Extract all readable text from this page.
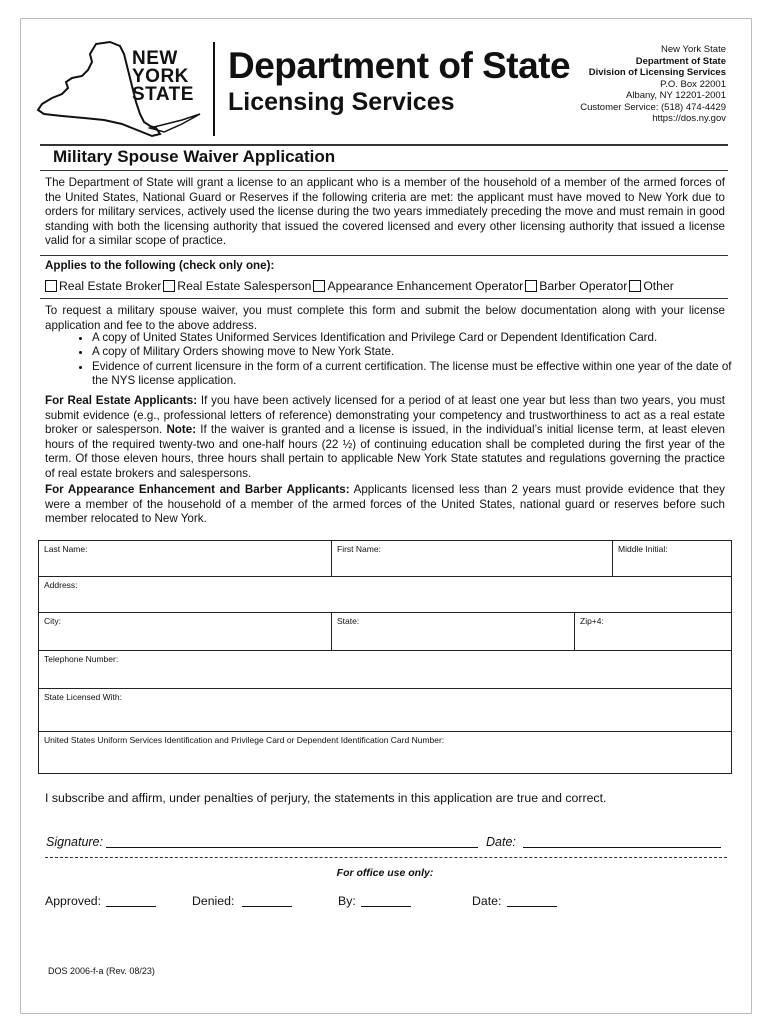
NEW
YORK
STATE
Department of State
Licensing Services
New York State
Department of State
Division of Licensing Services
P.O. Box 22001
Albany, NY 12201-2001
Customer Service: (518) 474-4429
https://dos.ny.gov
Military Spouse Waiver Application
The Department of State will grant a license to an applicant who is a member of the household of a member of the armed forces of the United States, National Guard or Reserves if the following criteria are met: the applicant must have moved to New York due to orders for military services, actively used the license during the two years immediately preceding the move and must remain in good standing with both the licensing authority that issued the covered licensed and every other licensing authority that issued a license valid for a similar scope of practice.
Applies to the following (check only one):
Real Estate Broker Real Estate Salesperson Appearance Enhancement Operator Barber Operator Other
To request a military spouse waiver, you must complete this form and submit the below documentation along with your license application and fee to the above address.
• A copy of United States Uniformed Services Identification and Privilege Card or Dependent Identification Card.
• A copy of Military Orders showing move to New York State.
• Evidence of current licensure in the form of a current certification. The license must be effective within one year of the date of the NYS license application.
For Real Estate Applicants: If you have been actively licensed for a period of at least one year but less than two years, you must submit evidence (e.g., professional letters of reference) demonstrating your competency and trustworthiness to act as a real estate broker or salesperson. Note: If the waiver is granted and a license is issued, in the individual’s initial license term, at least eleven hours of the required twenty-two and one-half hours (22 ½) of continuing education shall be completed during the first year of the term. Of those eleven hours, three hours shall pertain to applicable New York State statutes and regulations governing the practice of real estate brokers and salespersons.
For Appearance Enhancement and Barber Applicants: Applicants licensed less than 2 years must provide evidence that they were a member of the household of a member of the armed forces of the United States, national guard or reserves before such member relocated to New York.
Last Name:	First Name:	Middle Initial:
Address:
City:	State:	Zip+4:
Telephone Number:
State Licensed With:
United States Uniform Services Identification and Privilege Card or Dependent Identification Card Number:
I subscribe and affirm, under penalties of perjury, the statements in this application are true and correct.
Signature:	Date:
For office use only:
Approved:	Denied:	By:	Date:
DOS 2006-f-a (Rev. 08/23)
